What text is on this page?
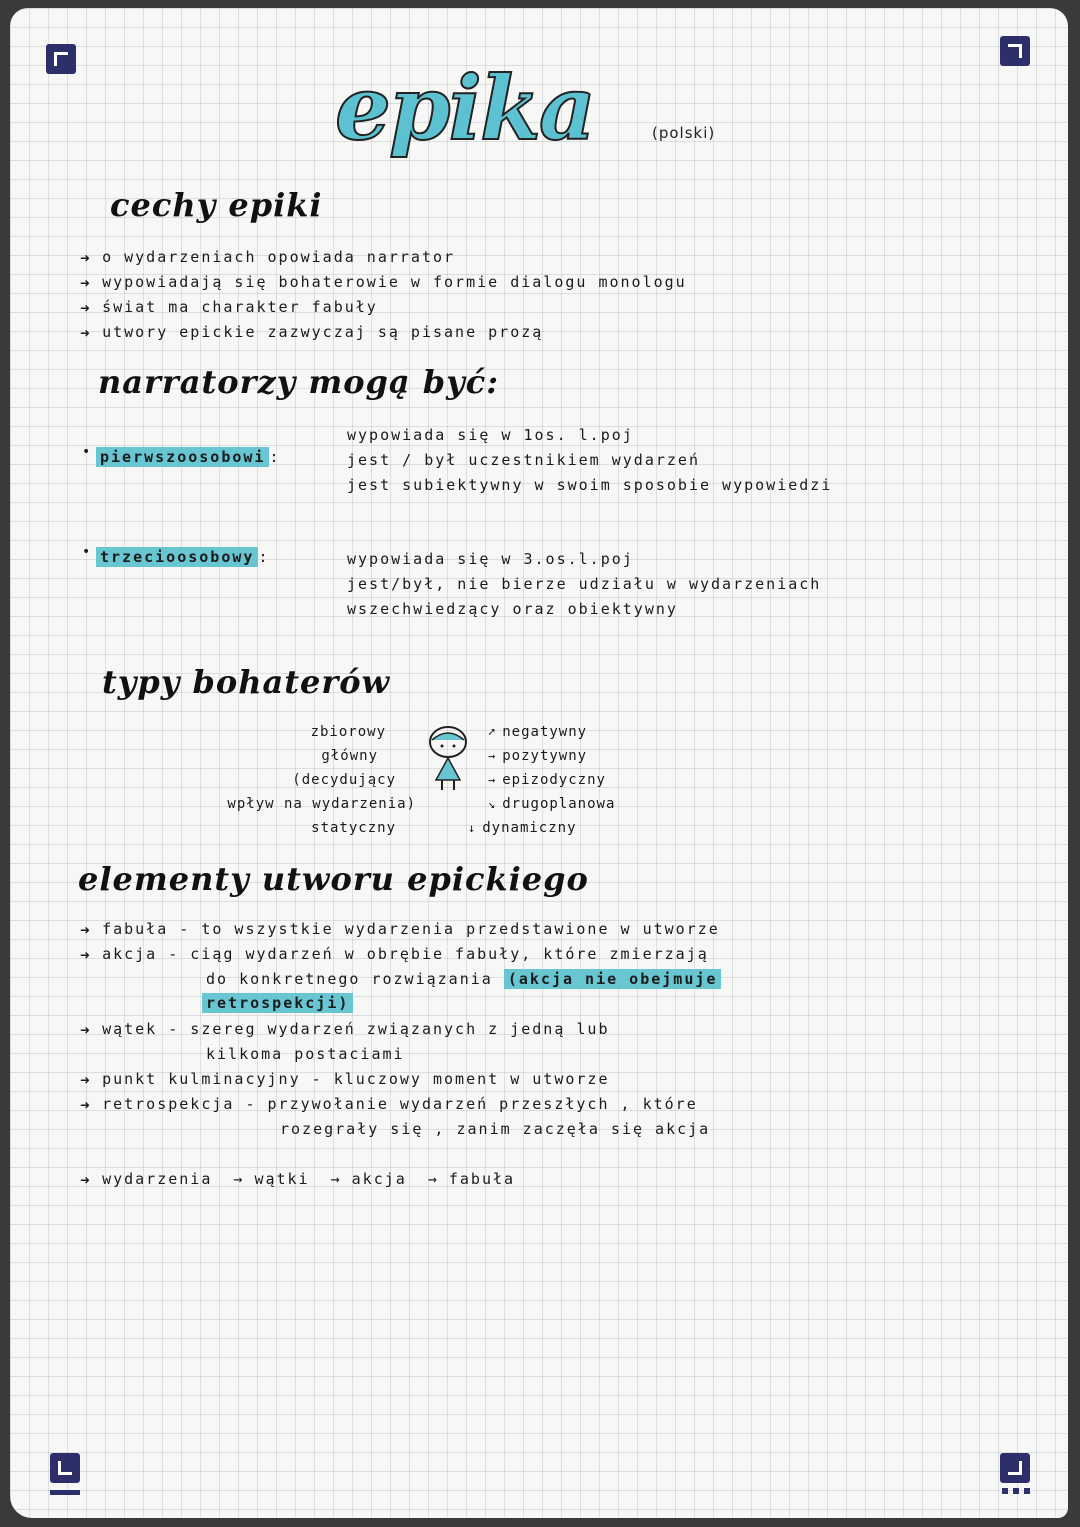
epika	(polski)
cechy epiki
➜ o wydarzeniach opowiada narrator
➜ wypowiadają się bohaterowie w formie dialogu monologu
➜ świat ma charakter fabuły
➜ utwory epickie zazwyczaj są pisane prozą
narratorzy mogą być:
• pierwszoosobowi :
wypowiada się w 1os. l.poj
jest / był uczestnikiem wydarzeń
jest subiektywny w swoim sposobie wypowiedzi
• trzecioosobowy :	wypowiada się w 3.os.l.poj
jest/był, nie bierze udziału w wydarzeniach
wszechwiedzący oraz obiektywny
typy bohaterów
zbiorowy
główny
(decydujący
wpływ na wydarzenia)
statyczny
➚ negatywny
→ pozytywny
→ epizodyczny
↘ drugoplanowa
↓ dynamiczny
elementy utworu epickiego
➜ fabuła - to wszystkie wydarzenia przedstawione w utworze
➜ akcja - ciąg wydarzeń w obrębie fabuły, które zmierzają
do konkretnego rozwiązania (akcja nie obejmuje
retrospekcji)
➜ wątek - szereg wydarzeń związanych z jedną lub
kilkoma postaciami
➜ punkt kulminacyjny - kluczowy moment w utworze
➜ retrospekcja - przywołanie wydarzeń przeszłych , które
rozegrały się , zanim zaczęła się akcja
➜ wydarzenia → wątki → akcja → fabuła
